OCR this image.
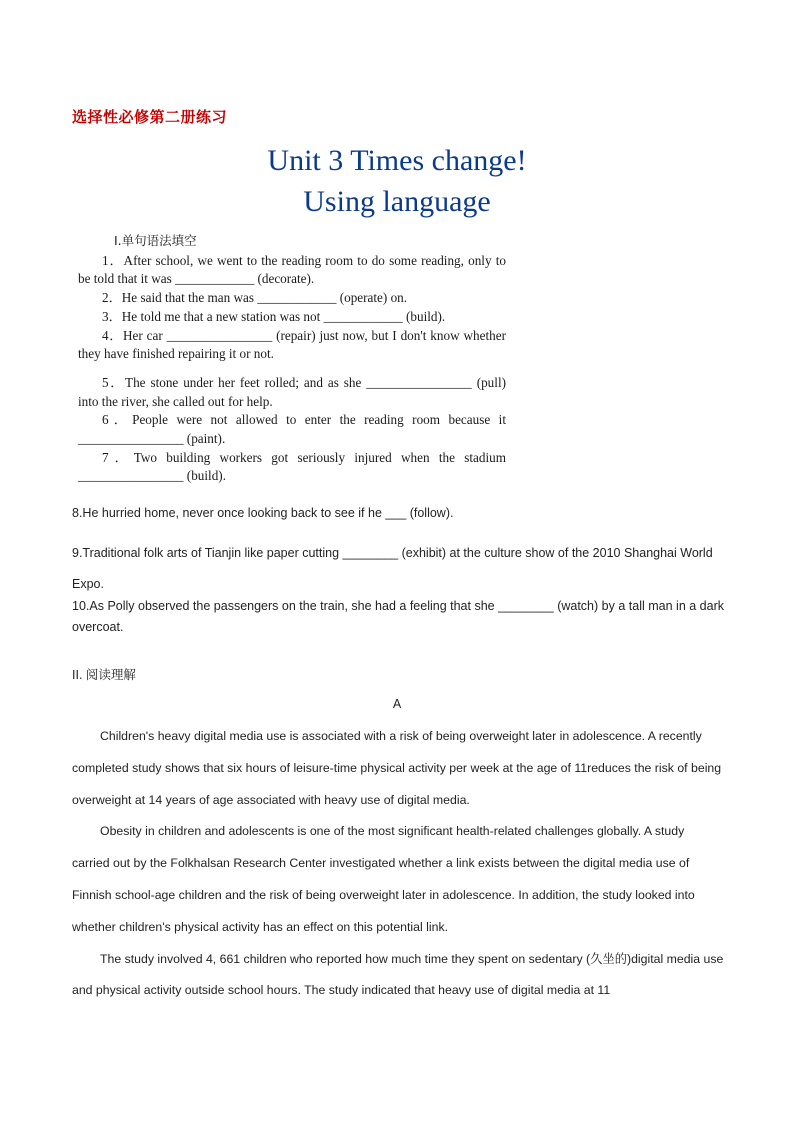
选择性必修第二册练习
Unit 3 Times change!
Using language
Ⅰ.单句语法填空
1．After school, we went to the reading room to do some reading, only to be told that it was ____________ (decorate).
2．He said that the man was ____________ (operate) on.
3．He told me that a new station was not ____________ (build).
4．Her car ________________ (repair) just now, but I don't know whether they have finished repairing it or not.
5．The stone under her feet rolled; and as she ________________ (pull) into the river, she called out for help.
6．People were not allowed to enter the reading room because it ________________ (paint).
7．Two building workers got seriously injured when the stadium ________________ (build).
8.He hurried home, never once looking back to see if he ___ (follow).
9.Traditional folk arts of Tianjin like paper cutting ________ (exhibit) at the culture show of the 2010 Shanghai World Expo.
10.As Polly observed the passengers on the train, she had a feeling that she ________ (watch) by a tall man in a dark overcoat.
II. 阅读理解
A

Children's heavy digital media use is associated with a risk of being overweight later in adolescence. A recently completed study shows that six hours of leisure-time physical activity per week at the age of 11reduces the risk of being overweight at 14 years of age associated with heavy use of digital media.

Obesity in children and adolescents is one of the most significant health-related challenges globally. A study carried out by the Folkhalsan Research Center investigated whether a link exists between the digital media use of Finnish school-age children and the risk of being overweight later in adolescence. In addition, the study looked into whether children's physical activity has an effect on this potential link.

The study involved 4, 661 children who reported how much time they spent on sedentary (久坐的)digital media use and physical activity outside school hours. The study indicated that heavy use of digital media at 11
